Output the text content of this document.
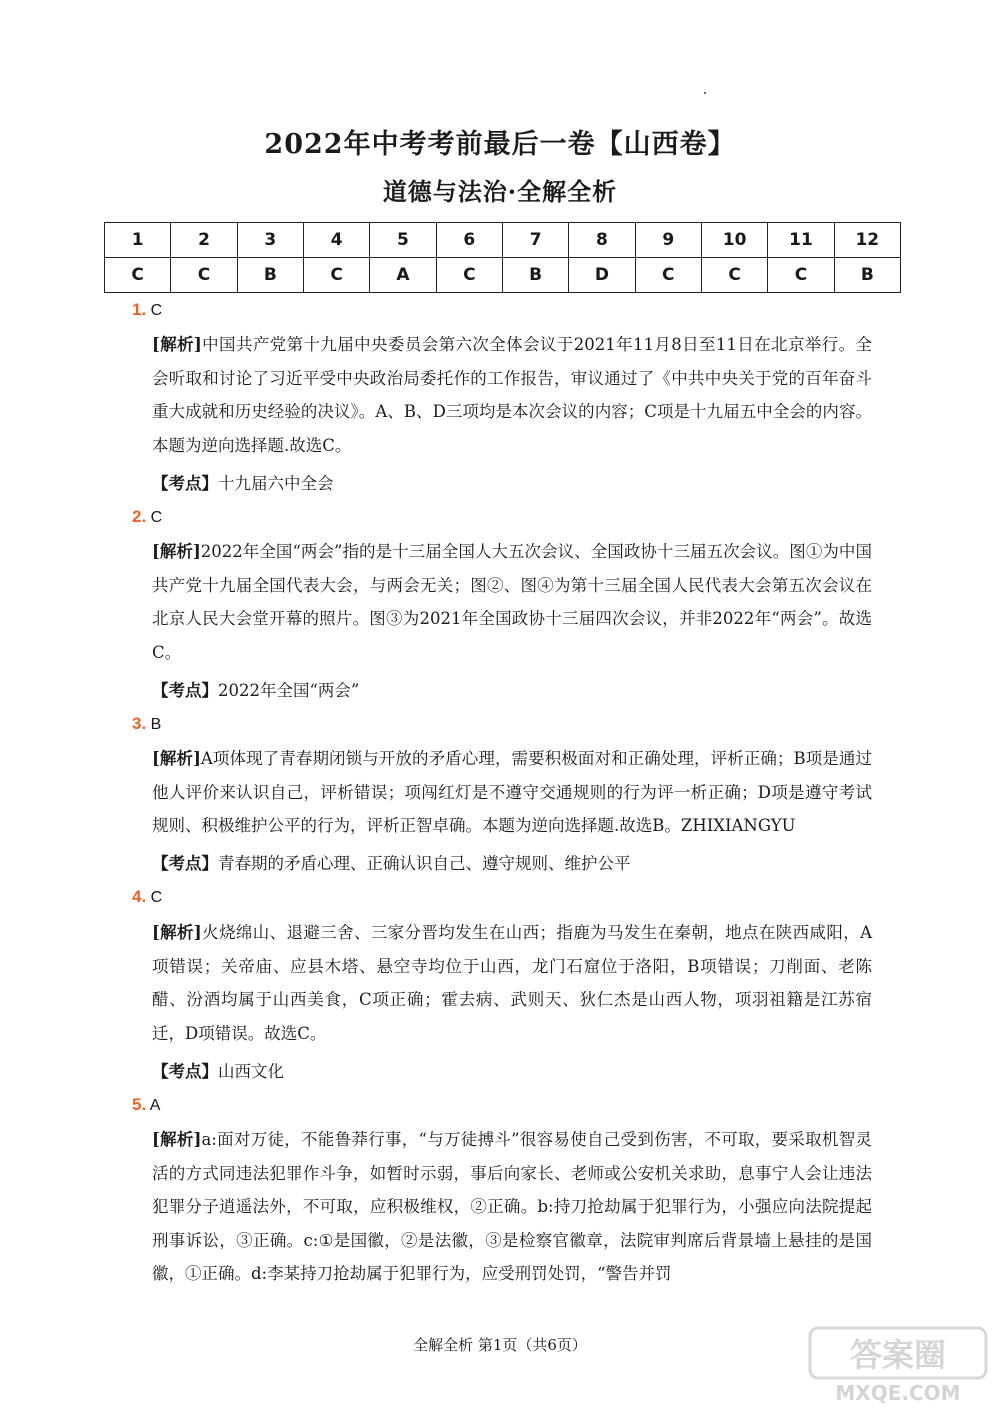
2022年中考考前最后一卷【山西卷】
道德与法治·全解全析
1	2	3	4	5	6	7	8	9	10	11	12
C	C	B	C	A	C	B	D	C	C	C	B
1. C
[解析]中国共产党第十九届中央委员会第六次全体会议于2021年11月8日至11日在北京举行。全会听取和讨论了习近平受中央政治局委托作的工作报告，审议通过了《中共中央关于党的百年奋斗重大成就和历史经验的决议》。A、B、D三项均是本次会议的内容；C项是十九届五中全会的内容。本题为逆向选择题.故选C。
【考点】十九届六中全会
2. C
[解析]2022年全国“两会”指的是十三届全国人大五次会议、全国政协十三届五次会议。图①为中国共产党十九届全国代表大会，与两会无关；图②、图④为第十三届全国人民代表大会第五次会议在北京人民大会堂开幕的照片。图③为2021年全国政协十三届四次会议，并非2022年“两会”。故选C。
【考点】2022年全国“两会”
3. B
[解析]A项体现了青春期闭锁与开放的矛盾心理，需要积极面对和正确处理，评析正确；B项是通过他人评价来认识自己，评析错误；项闯红灯是不遵守交通规则的行为评一析正确；D项是遵守考试规则、积极维护公平的行为，评析正智卓确。本题为逆向选择题.故选B。ZHIXIANGYU
【考点】青春期的矛盾心理、正确认识自己、遵守规则、维护公平
4. C
[解析]火烧绵山、退避三舍、三家分晋均发生在山西；指鹿为马发生在秦朝，地点在陕西咸阳，A项错误；关帝庙、应县木塔、悬空寺均位于山西，龙门石窟位于洛阳，B项错误；刀削面、老陈醋、汾酒均属于山西美食，C项正确；霍去病、武则天、狄仁杰是山西人物，项羽祖籍是江苏宿迁，D项错误。故选C。
【考点】山西文化
5. A
[解析]a:面对万徒，不能鲁莽行事，“与万徒搏斗”很容易使自己受到伤害，不可取，要采取机智灵活的方式同违法犯罪作斗争，如暂时示弱，事后向家长、老师或公安机关求助，息事宁人会让违法犯罪分子逍遥法外，不可取，应积极维权，②正确。b:持刀抢劫属于犯罪行为，小强应向法院提起刑事诉讼，③正确。c:①是国徽，②是法徽，③是检察官徽章，法院审判席后背景墙上悬挂的是国徽，①正确。d:李某持刀抢劫属于犯罪行为，应受刑罚处罚，“警告并罚
全解全析 第1页（共6页）	答案圈
MXQE.COM
